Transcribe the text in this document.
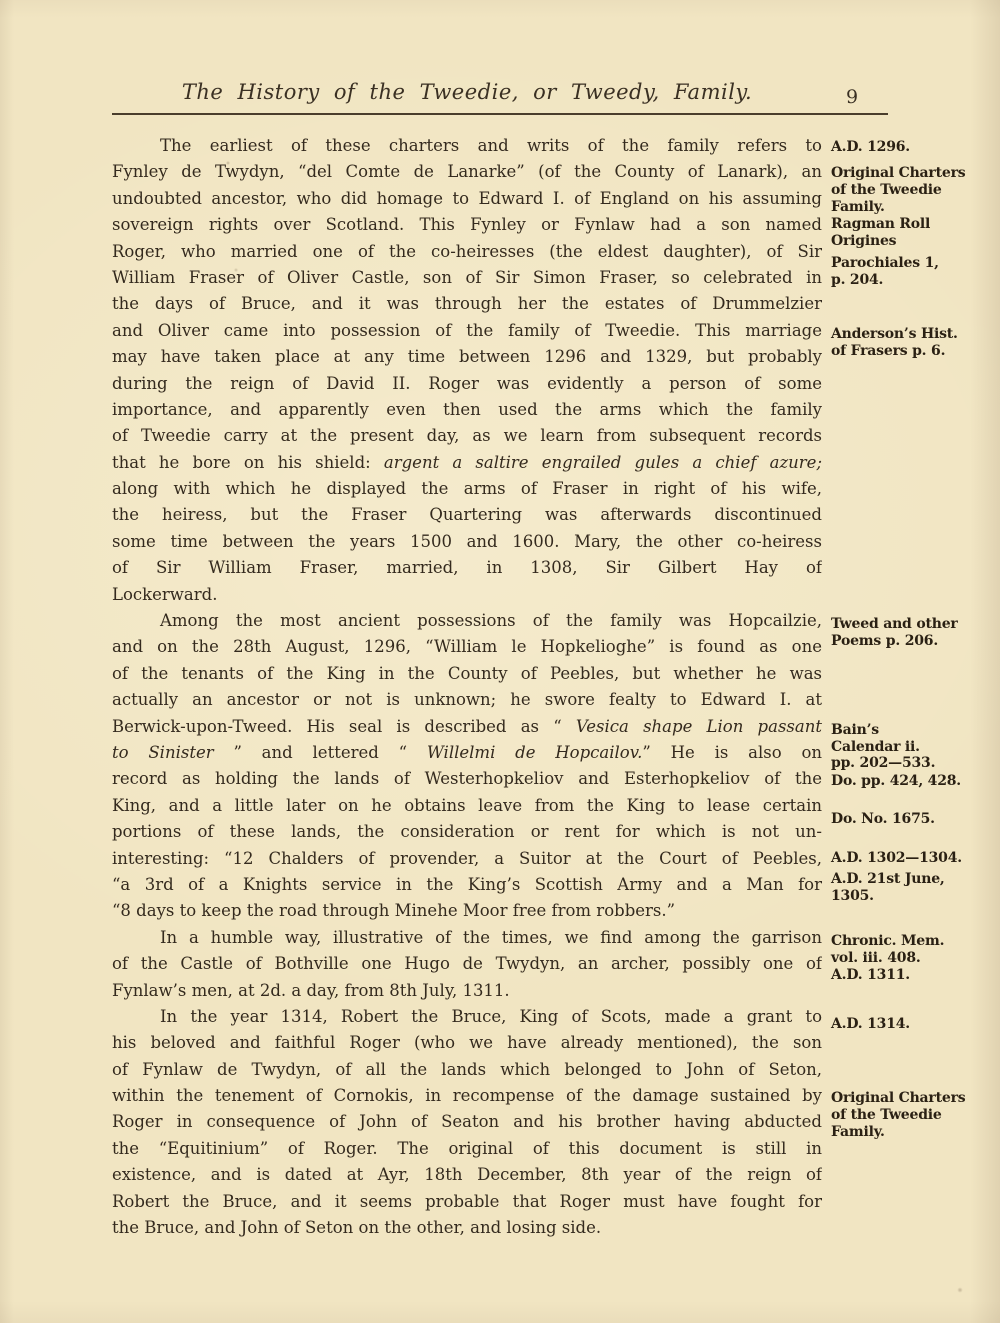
The History of the Tweedie, or Tweedy, Family.	9
The earliest of these charters and writs of the family refers to
Fynley de Twydyn, “del Comte de Lanarke” (of the County of Lanark), an
undoubted ancestor, who did homage to Edward I. of England on his assuming
sovereign rights over Scotland. This Fynley or Fynlaw had a son named
Roger, who married one of the co-heiresses (the eldest daughter), of Sir
William Fraser of Oliver Castle, son of Sir Simon Fraser, so celebrated in
the days of Bruce, and it was through her the estates of Drummelzier
and Oliver came into possession of the family of Tweedie. This marriage
may have taken place at any time between 1296 and 1329, but probably
during the reign of David II. Roger was evidently a person of some
importance, and apparently even then used the arms which the family
of Tweedie carry at the present day, as we learn from subsequent records
that he bore on his shield: argent a saltire engrailed gules a chief azure;
along with which he displayed the arms of Fraser in right of his wife,
the heiress, but the Fraser Quartering was afterwards discontinued
some time between the years 1500 and 1600. Mary, the other co-heiress
of Sir William Fraser, married, in 1308, Sir Gilbert Hay of
Lockerward.
Among the most ancient possessions of the family was Hopcailzie,
and on the 28th August, 1296, “William le Hopkelioghe” is found as one
of the tenants of the King in the County of Peebles, but whether he was
actually an ancestor or not is unknown; he swore fealty to Edward I. at
Berwick-upon-Tweed. His seal is described as “ Vesica shape Lion passant
to Sinister ” and lettered “ Willelmi de Hopcailov.” He is also on
record as holding the lands of Westerhopkeliov and Esterhopkeliov of the
King, and a little later on he obtains leave from the King to lease certain
portions of these lands, the consideration or rent for which is not un-
interesting: “12 Chalders of provender, a Suitor at the Court of Peebles,
“a 3rd of a Knights service in the King’s Scottish Army and a Man for
“8 days to keep the road through Minehe Moor free from robbers.”
In a humble way, illustrative of the times, we find among the garrison
of the Castle of Bothville one Hugo de Twydyn, an archer, possibly one of
Fynlaw’s men, at 2d. a day, from 8th July, 1311.
In the year 1314, Robert the Bruce, King of Scots, made a grant to
his beloved and faithful Roger (who we have already mentioned), the son
of Fynlaw de Twydyn, of all the lands which belonged to John of Seton,
within the tenement of Cornokis, in recompense of the damage sustained by
Roger in consequence of John of Seaton and his brother having abducted
the “Equitinium” of Roger. The original of this document is still in
existence, and is dated at Ayr, 18th December, 8th year of the reign of
Robert the Bruce, and it seems probable that Roger must have fought for
the Bruce, and John of Seton on the other, and losing side.
A.D. 1296.
Original Charters
of the Tweedie
Family.
Ragman Roll
Origines
Parochiales 1,
p. 204.
Anderson’s Hist.
of Frasers p. 6.
Tweed and other
Poems p. 206.
Bain’s
Calendar ii.
pp. 202—533.
Do. pp. 424, 428.
Do. No. 1675.
A.D. 1302—1304.
A.D. 21st June,
1305.
Chronic. Mem.
vol. iii. 408.
A.D. 1311.
A.D. 1314.
Original Charters
of the Tweedie
Family.
